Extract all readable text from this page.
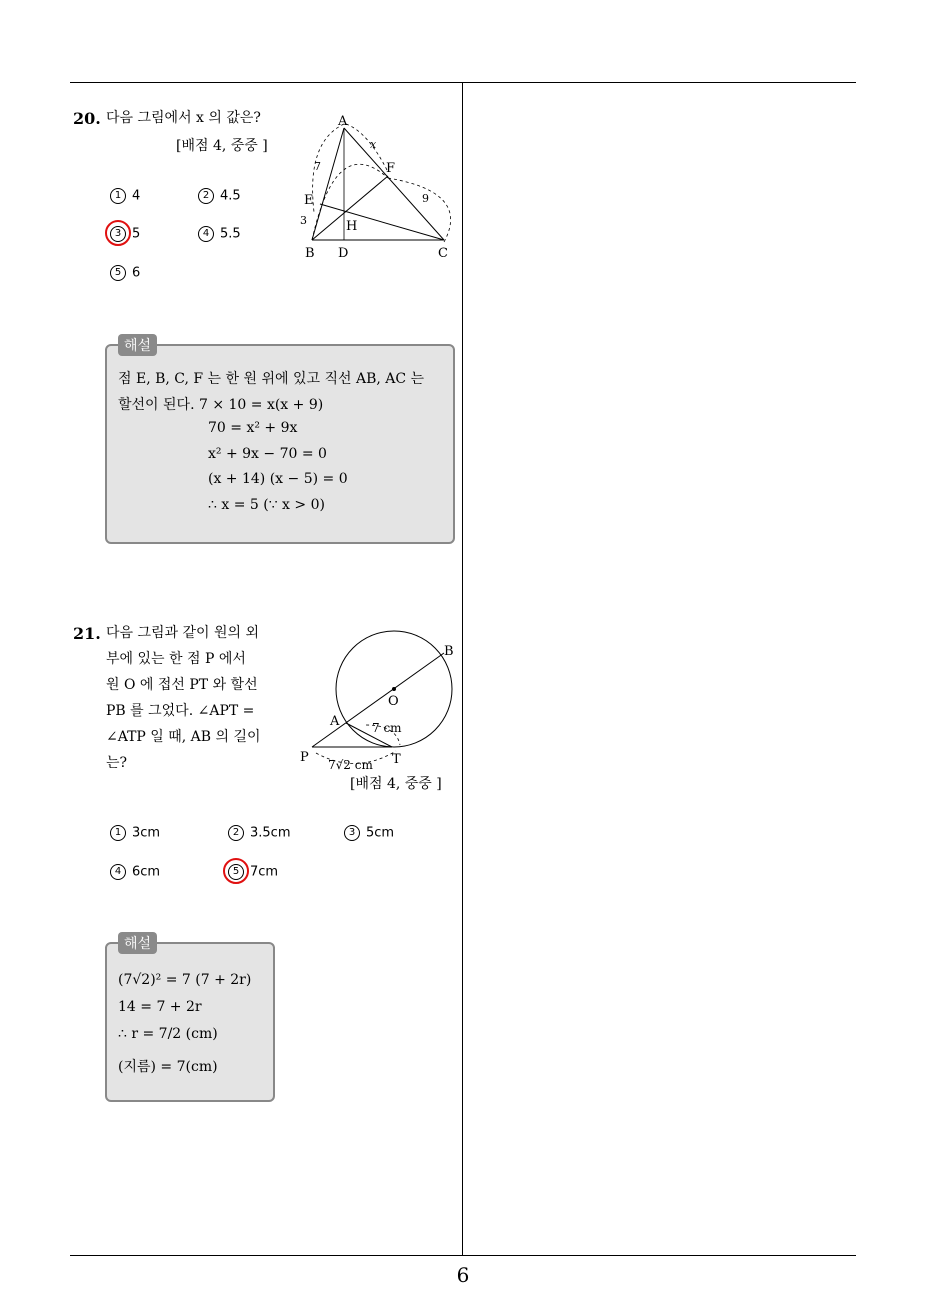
6
20. 다음 그림에서 x 의 값은?
[배점 4, 중중 ]
A
B	C
D
E
F
H
7
x
3
9
1 4	2 4.5
3 5	4 5.5
5 6
해설
점 E, B, C, F 는 한 원 위에 있고 직선 AB, AC 는
할선이 된다. 7 × 10 = x(x + 9)
70 = x² + 9x
x² + 9x − 70 = 0
(x + 14) (x − 5) = 0
∴ x = 5 (∵ x > 0)
21. 다음 그림과 같이 원의 외
부에 있는 한 점 P 에서
원 O 에 접선 PT 와 할선
PB 를 그었다. ∠APT =
∠ATP 일 때, AB 의 길이
는?
B
O
A
P	T
7 cm
7√2 cm
[배점 4, 중중 ]
1 3cm	2 3.5cm	3 5cm
4 6cm	5 7cm
해설
(7√2)² = 7 (7 + 2r)
14 = 7 + 2r
∴ r = 7/2 (cm)
(지름) = 7(cm)
